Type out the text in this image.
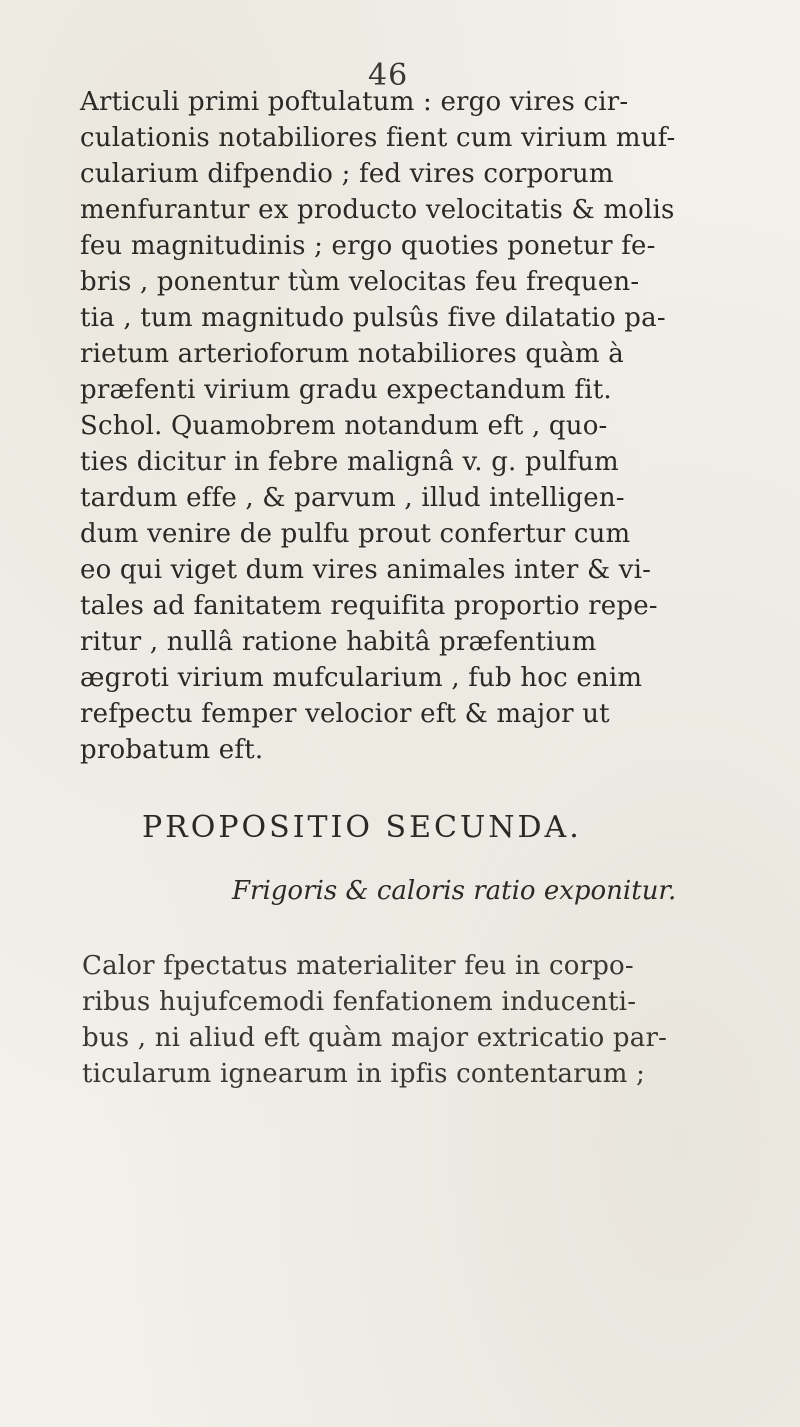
46
Articuli primi poftulatum : ergo vires cir-
culationis notabiliores fient cum virium muf-
cularium difpendio ; fed vires corporum
menfurantur ex producto velocitatis & molis
feu magnitudinis ; ergo quoties ponetur fe-
bris , ponentur tùm velocitas feu frequen-
tia , tum magnitudo pulsûs five dilatatio pa-
rietum arterioforum notabiliores quàm à
præfenti virium gradu expectandum fit.
Schol. Quamobrem notandum eft , quo-
ties dicitur in febre malignâ v. g. pulfum
tardum effe , & parvum , illud intelligen-
dum venire de pulfu prout confertur cum
eo qui viget dum vires animales inter & vi-
tales ad fanitatem requifita proportio repe-
ritur , nullâ ratione habitâ præfentium
ægroti virium mufcularium , fub hoc enim
refpectu femper velocior eft & major ut
probatum eft.
PROPOSITIO SECUNDA.
Frigoris & caloris ratio exponitur.
Calor fpectatus materialiter feu in corpo-
ribus hujufcemodi fenfationem inducenti-
bus , ni aliud eft quàm major extricatio par-
ticularum ignearum in ipfis contentarum ;
